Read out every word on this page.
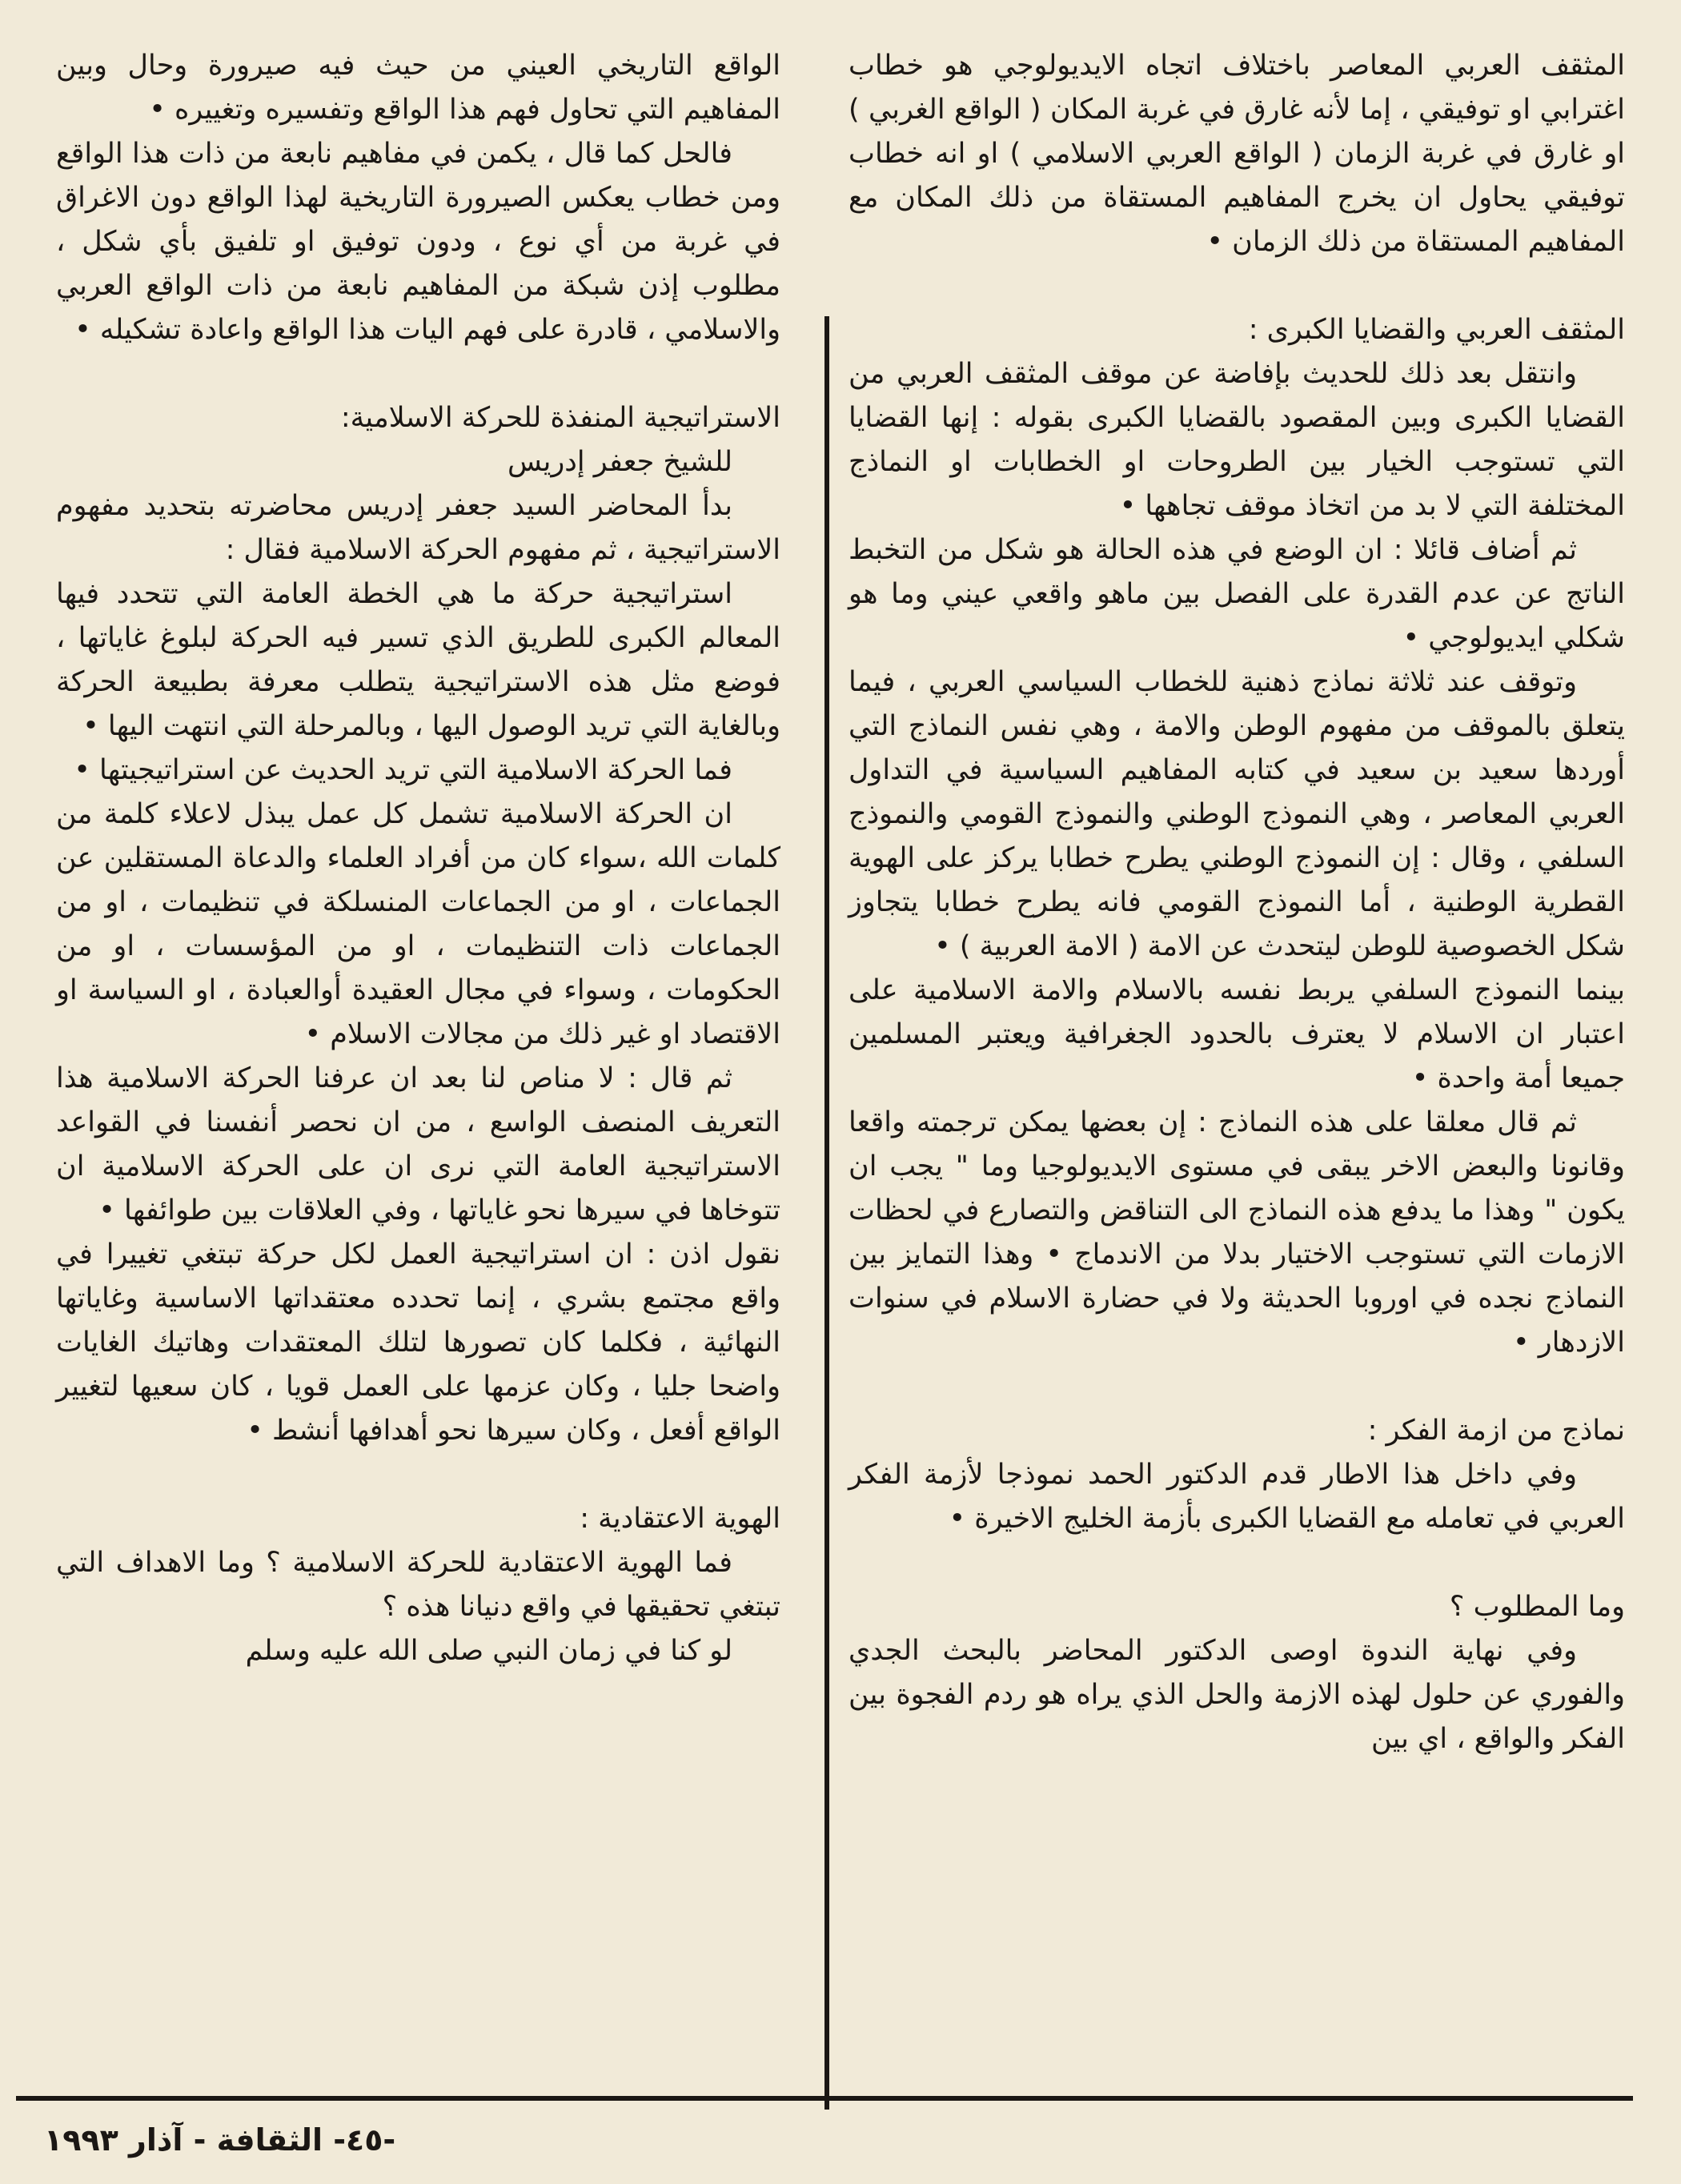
المثقف العربي المعاصر باختلاف اتجاه الايديولوجي هو خطاب اغترابي او توفيقي ، إما لأنه غارق في غربة المكان ( الواقع الغربي ) او غارق في غربة الزمان ( الواقع العربي الاسلامي ) او انه خطاب توفيقي يحاول ان يخرج المفاهيم المستقاة من ذلك المكان مع المفاهيم المستقاة من ذلك الزمان •

المثقف العربي والقضايا الكبرى :

وانتقل بعد ذلك للحديث بإفاضة عن موقف المثقف العربي من القضايا الكبرى وبين المقصود بالقضايا الكبرى بقوله : إنها القضايا التي تستوجب الخيار بين الطروحات او الخطابات او النماذج المختلفة التي لا بد من اتخاذ موقف تجاهها •

ثم أضاف قائلا : ان الوضع في هذه الحالة هو شكل من التخبط الناتج عن عدم القدرة على الفصل بين ماهو واقعي عيني وما هو شكلي ايديولوجي •

وتوقف عند ثلاثة نماذج ذهنية للخطاب السياسي العربي ، فيما يتعلق بالموقف من مفهوم الوطن والامة ، وهي نفس النماذج التي أوردها سعيد بن سعيد في كتابه المفاهيم السياسية في التداول العربي المعاصر ، وهي النموذج الوطني والنموذج القومي والنموذج السلفي ، وقال : إن النموذج الوطني يطرح خطابا يركز على الهوية القطرية الوطنية ، أما النموذج القومي فانه يطرح خطابا يتجاوز شكل الخصوصية للوطن ليتحدث عن الامة ( الامة العربية ) •

بينما النموذج السلفي يربط نفسه بالاسلام والامة الاسلامية على اعتبار ان الاسلام لا يعترف بالحدود الجغرافية ويعتبر المسلمين جميعا أمة واحدة •

ثم قال معلقا على هذه النماذج : إن بعضها يمكن ترجمته واقعا وقانونا والبعض الاخر يبقى في مستوى الايديولوجيا وما " يجب ان يكون " وهذا ما يدفع هذه النماذج الى التناقض والتصارع في لحظات الازمات التي تستوجب الاختيار بدلا من الاندماج • وهذا التمايز بين النماذج نجده في اوروبا الحديثة ولا في حضارة الاسلام في سنوات الازدهار •

نماذج من ازمة الفكر :

وفي داخل هذا الاطار قدم الدكتور الحمد نموذجا لأزمة الفكر العربي في تعامله مع القضايا الكبرى بأزمة الخليج الاخيرة •

وما المطلوب ؟

وفي نهاية الندوة اوصى الدكتور المحاضر بالبحث الجدي والفوري عن حلول لهذه الازمة والحل الذي يراه هو ردم الفجوة بين الفكر والواقع ، اي بين

الواقع التاريخي العيني من حيث فيه صيرورة وحال وبين المفاهيم التي تحاول فهم هذا الواقع وتفسيره وتغييره •

فالحل كما قال ، يكمن في مفاهيم نابعة من ذات هذا الواقع ومن خطاب يعكس الصيرورة التاريخية لهذا الواقع دون الاغراق في غربة من أي نوع ، ودون توفيق او تلفيق بأي شكل ، مطلوب إذن شبكة من المفاهيم نابعة من ذات الواقع العربي والاسلامي ، قادرة على فهم اليات هذا الواقع واعادة تشكيله •

الاستراتيجية المنفذة للحركة الاسلامية:
للشيخ جعفر إدريس

بدأ المحاضر السيد جعفر إدريس محاضرته بتحديد مفهوم الاستراتيجية ، ثم مفهوم الحركة الاسلامية فقال :

استراتيجية حركة ما هي الخطة العامة التي تتحدد فيها المعالم الكبرى للطريق الذي تسير فيه الحركة لبلوغ غاياتها ، فوضع مثل هذه الاستراتيجية يتطلب معرفة بطبيعة الحركة وبالغاية التي تريد الوصول اليها ، وبالمرحلة التي انتهت اليها •

فما الحركة الاسلامية التي تريد الحديث عن استراتيجيتها •

ان الحركة الاسلامية تشمل كل عمل يبذل لاعلاء كلمة من كلمات الله ،سواء كان من أفراد العلماء والدعاة المستقلين عن الجماعات ، او من الجماعات المنسلكة في تنظيمات ، او من الجماعات ذات التنظيمات ، او من المؤسسات ، او من الحكومات ، وسواء في مجال العقيدة أوالعبادة ، او السياسة او الاقتصاد او غير ذلك من مجالات الاسلام •

ثم قال : لا مناص لنا بعد ان عرفنا الحركة الاسلامية هذا التعريف المنصف الواسع ، من ان نحصر أنفسنا في القواعد الاستراتيجية العامة التي نرى ان على الحركة الاسلامية ان تتوخاها في سيرها نحو غاياتها ، وفي العلاقات بين طوائفها •

نقول اذن : ان استراتيجية العمل لكل حركة تبتغي تغييرا في واقع مجتمع بشري ، إنما تحدده معتقداتها الاساسية وغاياتها النهائية ، فكلما كان تصورها لتلك المعتقدات وهاتيك الغايات واضحا جليا ، وكان عزمها على العمل قويا ، كان سعيها لتغيير الواقع أفعل ، وكان سيرها نحو أهدافها أنشط •

الهوية الاعتقادية :

فما الهوية الاعتقادية للحركة الاسلامية ؟ وما الاهداف التي تبتغي تحقيقها في واقع دنيانا هذه ؟

لو كنا في زمان النبي صلى الله عليه وسلم

-٤٥- الثقافة - آذار ١٩٩٣
